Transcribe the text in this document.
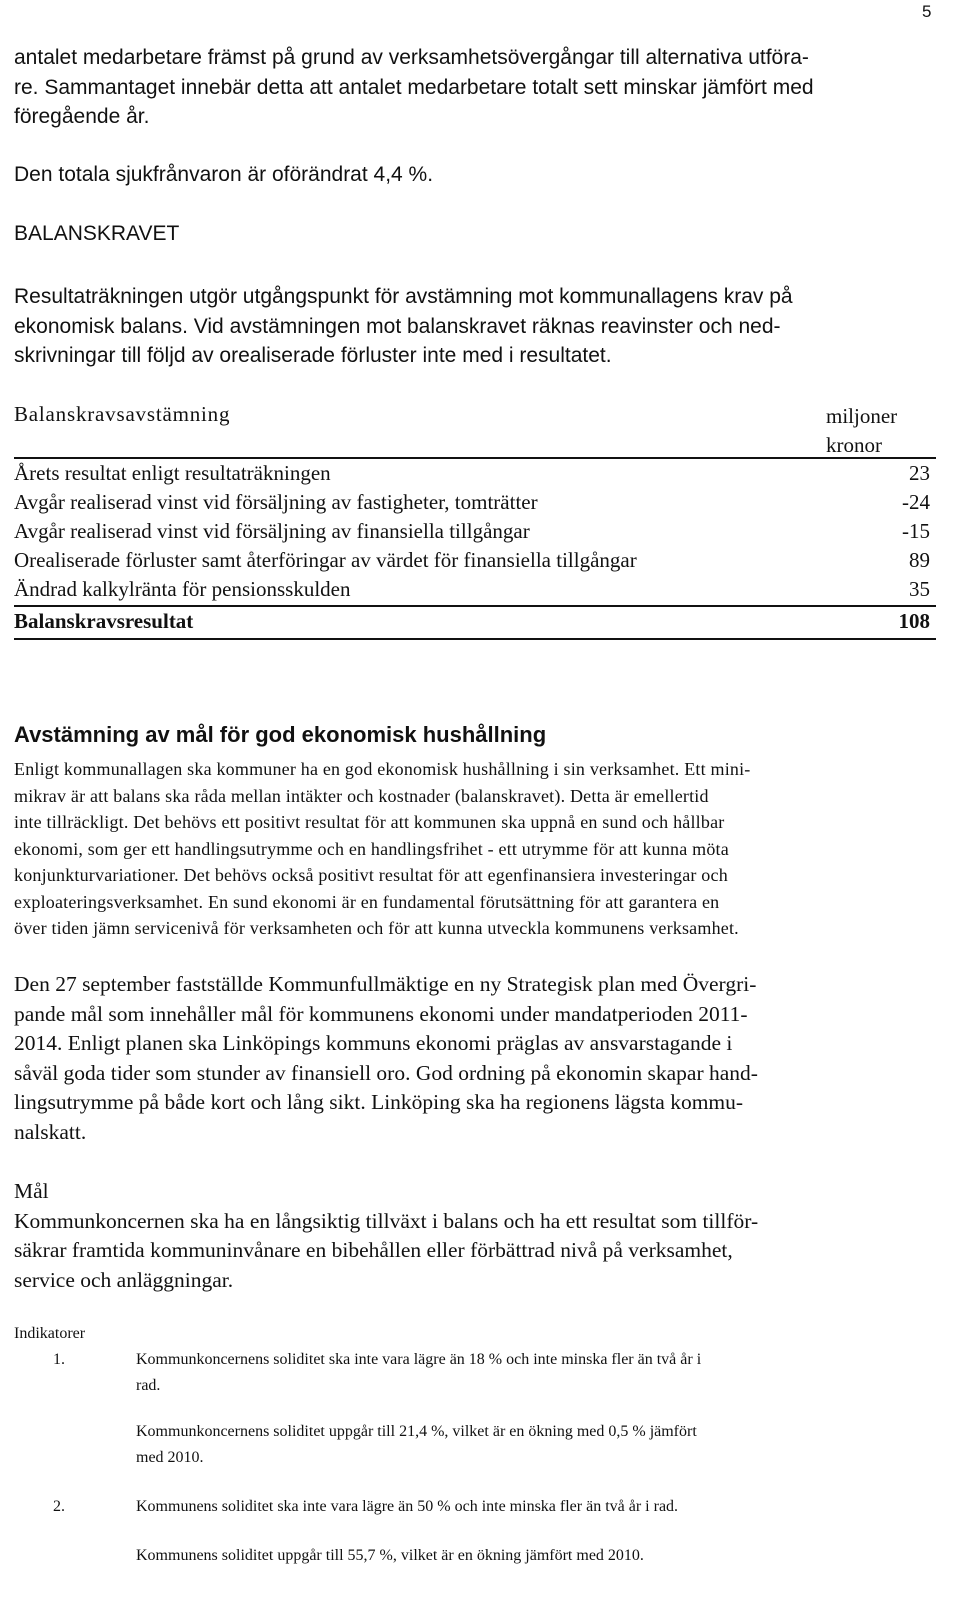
5
antalet medarbetare främst på grund av verksamhetsövergångar till alternativa utföra-
re. Sammantaget innebär detta att antalet medarbetare totalt sett minskar jämfört med
föregående år.
Den totala sjukfrånvaron är oförändrat 4,4 %.
BALANSKRAVET
Resultaträkningen utgör utgångspunkt för avstämning mot kommunallagens krav på
ekonomisk balans. Vid avstämningen mot balanskravet räknas reavinster och ned-
skrivningar till följd av orealiserade förluster inte med i resultatet.
Balanskravsavstämning	miljoner
kronor
Årets resultat enligt resultaträkningen	23
Avgår realiserad vinst vid försäljning av fastigheter, tomträtter	-24
Avgår realiserad vinst vid försäljning av finansiella tillgångar	-15
Orealiserade förluster samt återföringar av värdet för finansiella tillgångar	89
Ändrad kalkylränta för pensionsskulden	35
Balanskravsresultat	108
Avstämning av mål för god ekonomisk hushållning
Enligt kommunallagen ska kommuner ha en god ekonomisk hushållning i sin verksamhet. Ett mini-
mikrav är att balans ska råda mellan intäkter och kostnader (balanskravet). Detta är emellertid
inte tillräckligt. Det behövs ett positivt resultat för att kommunen ska uppnå en sund och hållbar
ekonomi, som ger ett handlingsutrymme och en handlingsfrihet - ett utrymme för att kunna möta
konjunkturvariationer. Det behövs också positivt resultat för att egenfinansiera investeringar och
exploateringsverksamhet. En sund ekonomi är en fundamental förutsättning för att garantera en
över tiden jämn servicenivå för verksamheten och för att kunna utveckla kommunens verksamhet.
Den 27 september fastställde Kommunfullmäktige en ny Strategisk plan med Övergri-
pande mål som innehåller mål för kommunens ekonomi under mandatperioden 2011-
2014. Enligt planen ska Linköpings kommuns ekonomi präglas av ansvarstagande i
såväl goda tider som stunder av finansiell oro. God ordning på ekonomin skapar hand-
lingsutrymme på både kort och lång sikt. Linköping ska ha regionens lägsta kommu-
nalskatt.
Mål
Kommunkoncernen ska ha en långsiktig tillväxt i balans och ha ett resultat som tillför-
säkrar framtida kommuninvånare en bibehållen eller förbättrad nivå på verksamhet,
service och anläggningar.
Indikatorer
1.	Kommunkoncernens soliditet ska inte vara lägre än 18 % och inte minska fler än två år i
rad.
Kommunkoncernens soliditet uppgår till 21,4 %, vilket är en ökning med 0,5 % jämfört
med 2010.
2.	Kommunens soliditet ska inte vara lägre än 50 % och inte minska fler än två år i rad.
Kommunens soliditet uppgår till 55,7 %, vilket är en ökning jämfört med 2010.
